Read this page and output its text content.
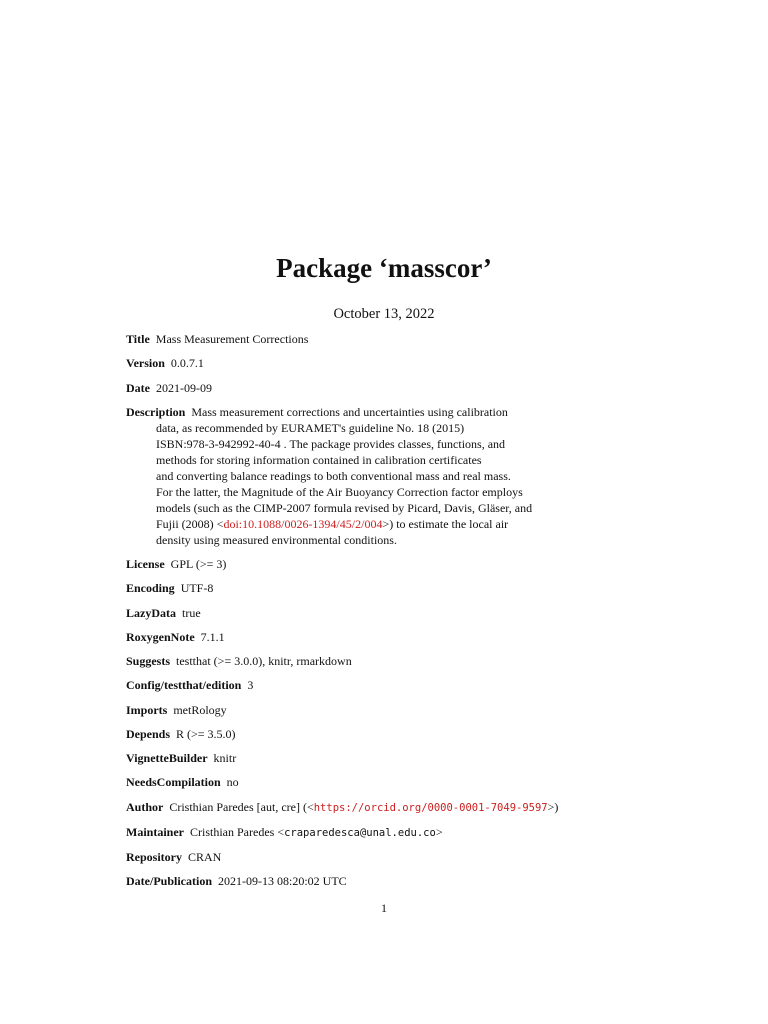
Package ‘masscor’
October 13, 2022
Title Mass Measurement Corrections
Version 0.0.7.1
Date 2021-09-09
Description Mass measurement corrections and uncertainties using calibration
data, as recommended by EURAMET's guideline No. 18 (2015)
ISBN:978-3-942992-40-4 . The package provides classes, functions, and
methods for storing information contained in calibration certificates
and converting balance readings to both conventional mass and real mass.
For the latter, the Magnitude of the Air Buoyancy Correction factor employs
models (such as the CIMP-2007 formula revised by Picard, Davis, Gläser, and
Fujii (2008) <doi:10.1088/0026-1394/45/2/004>) to estimate the local air
density using measured environmental conditions.
License GPL (>= 3)
Encoding UTF-8
LazyData true
RoxygenNote 7.1.1
Suggests testthat (>= 3.0.0), knitr, rmarkdown
Config/testthat/edition 3
Imports metRology
Depends R (>= 3.5.0)
VignetteBuilder knitr
NeedsCompilation no
Author Cristhian Paredes [aut, cre] (<https://orcid.org/0000-0001-7049-9597>)
Maintainer Cristhian Paredes <craparedesca@unal.edu.co>
Repository CRAN
Date/Publication 2021-09-13 08:20:02 UTC
1
